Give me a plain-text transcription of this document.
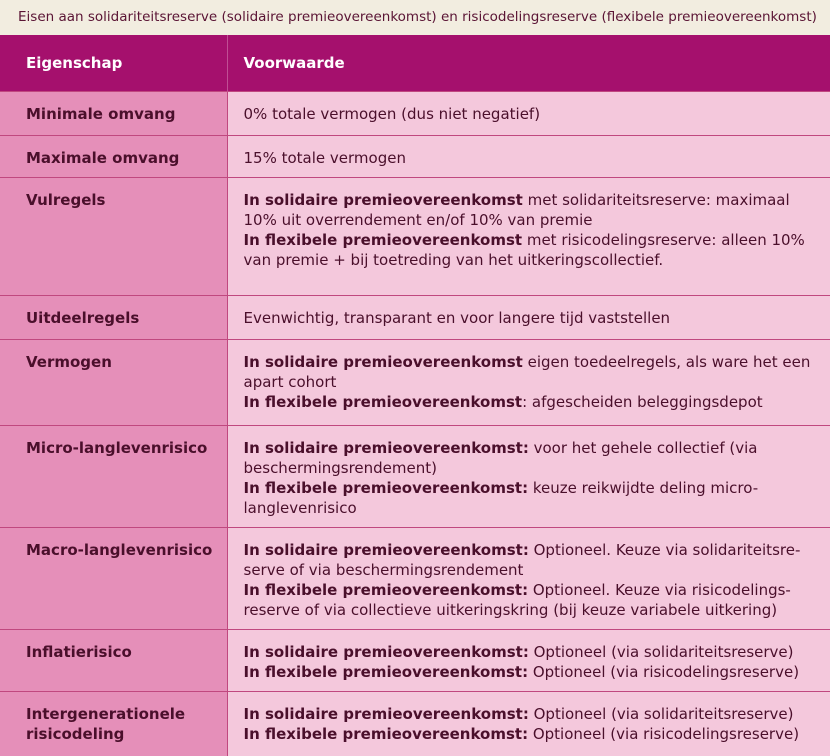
Eisen aan solidariteitsreserve (solidaire premieovereenkomst) en risicodelingsreserve (flexibele premieovereenkomst)
Eigenschap	Voorwaarde
Minimale omvang	0% totale vermogen (dus niet negatief)

Maximale omvang	15% totale vermogen

Vulregels	In solidaire premieovereenkomst met solidariteitsreserve: maximaal 10% uit overrendement en/of 10% van premie
In flexibele premieovereenkomst met risicodelingsreserve: alleen 10% van premie + bij toetreding van het uitkeringscollectief.

Uitdeelregels	Evenwichtig, transparant en voor langere tijd vaststellen

Vermogen	In solidaire premieovereenkomst eigen toedeelregels, als ware het een apart cohort
In flexibele premieovereenkomst: afgescheiden beleggingsdepot

Micro-langlevenrisico	In solidaire premieovereenkomst: voor het gehele collectief (via beschermingsrendement)
In flexibele premieovereenkomst: keuze reikwijdte deling micro-langlevenrisico

Macro-langlevenrisico	In solidaire premieovereenkomst: Optioneel. Keuze via solidariteitsre-serve of via beschermingsrendement
In flexibele premieovereenkomst: Optioneel. Keuze via risicodelings-reserve of via collectieve uitkeringskring (bij keuze variabele uitkering)

Inflatierisico	In solidaire premieovereenkomst: Optioneel (via solidariteitsreserve)
In flexibele premieovereenkomst: Optioneel (via risicodelingsreserve)

Intergenerationele risicodeling	In solidaire premieovereenkomst: Optioneel (via solidariteitsreserve)
In flexibele premieovereenkomst: Optioneel (via risicodelingsreserve)
